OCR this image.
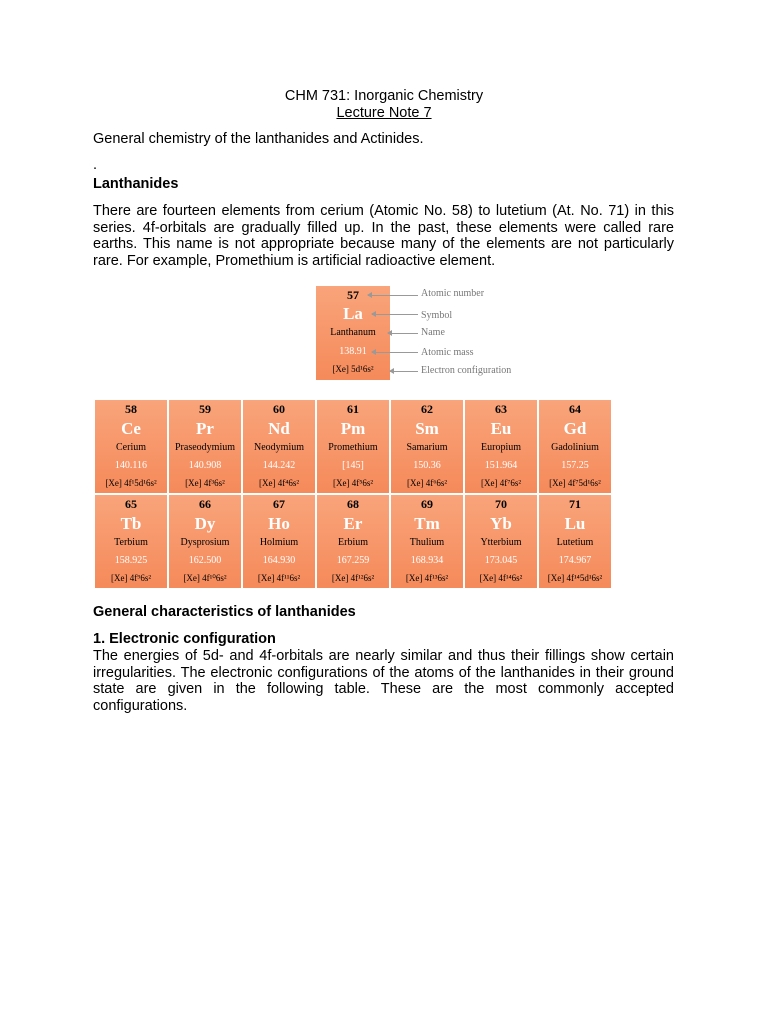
CHM 731: Inorganic Chemistry
Lecture Note 7
General chemistry of the lanthanides and Actinides.
.
Lanthanides
There are fourteen elements from cerium (Atomic No. 58) to lutetium (At. No. 71) in this series. 4f-orbitals are gradually filled up. In the past, these elements were called rare earths. This name is not appropriate because many of the elements are not particularly rare. For example, Promethium is artificial radioactive element.
57
La
Lanthanum
138.91
[Xe] 5d¹6s²
Atomic number
Symbol
Name
Atomic mass
Electron configuration
58
Ce
Cerium
140.116
[Xe] 4f¹5d¹6s²
59
Pr
Praseodymium
140.908
[Xe] 4f³6s²
60
Nd
Neodymium
144.242
[Xe] 4f⁴6s²
61
Pm
Promethium
[145]
[Xe] 4f⁵6s²
62
Sm
Samarium
150.36
[Xe] 4f⁶6s²
63
Eu
Europium
151.964
[Xe] 4f⁷6s²
64
Gd
Gadolinium
157.25
[Xe] 4f⁷5d¹6s²
65
Tb
Terbium
158.925
[Xe] 4f⁹6s²
66
Dy
Dysprosium
162.500
[Xe] 4f¹⁰6s²
67
Ho
Holmium
164.930
[Xe] 4f¹¹6s²
68
Er
Erbium
167.259
[Xe] 4f¹²6s²
69
Tm
Thulium
168.934
[Xe] 4f¹³6s²
70
Yb
Ytterbium
173.045
[Xe] 4f¹⁴6s²
71
Lu
Lutetium
174.967
[Xe] 4f¹⁴5d¹6s²
General characteristics of lanthanides
1. Electronic configuration
The energies of 5d- and 4f-orbitals are nearly similar and thus their fillings show certain irregularities. The electronic configurations of the atoms of the lanthanides in their ground state are given in the following table. These are the most commonly accepted configurations.
